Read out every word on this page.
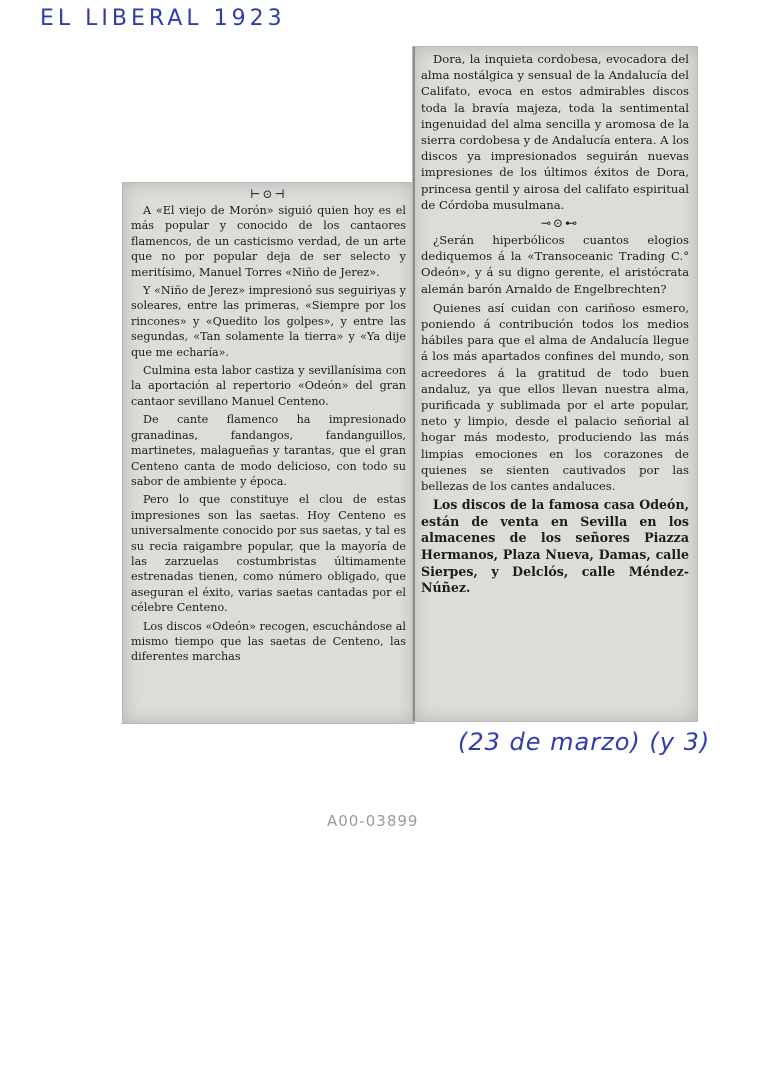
EL LIBERAL 1923
⊢⊙⊣

A «El viejo de Morón» siguió quien hoy es el más popular y conocido de los cantaores flamencos, de un casticismo verdad, de un arte que no por popular deja de ser selecto y meritísimo, Manuel Torres «Niño de Jerez».

Y «Niño de Jerez» impresionó sus seguiriyas y soleares, entre las primeras, «Siempre por los rincones» y «Quedito los golpes», y entre las segundas, «Tan solamente la tierra» y «Ya dije que me echaría».

Culmina esta labor castiza y sevillanísima con la aportación al repertorio «Odeón» del gran cantaor sevillano Manuel Centeno.

De cante flamenco ha impresionado granadinas, fandangos, fandanguillos, martinetes, malagueñas y tarantas, que el gran Centeno canta de modo delicioso, con todo su sabor de ambiente y época.

Pero lo que constituye el clou de estas impresiones son las saetas. Hoy Centeno es universalmente conocido por sus saetas, y tal es su recia raigambre popular, que la mayoría de las zarzuelas costumbristas últimamente estrenadas tienen, como número obligado, que aseguran el éxito, varias saetas cantadas por el célebre Centeno.

Los discos «Odeón» recogen, escuchándose al mismo tiempo que las saetas de Centeno, las diferentes marchas

Dora, la inquieta cordobesa, evocadora del alma nostálgica y sensual de la Andalucía del Califato, evoca en estos admirables discos toda la bravía majeza, toda la sentimental ingenuidad del alma sencilla y aromosa de la sierra cordobesa y de Andalucía entera. A los discos ya impresionados seguirán nuevas impresiones de los últimos éxitos de Dora, princesa gentil y airosa del califato espiritual de Córdoba musulmana.

⊸⊙⊷

¿Serán hiperbólicos cuantos elogios dediquemos á la «Transoceanic Trading C.° Odeón», y á su digno gerente, el aristócrata alemán barón Arnaldo de Engelbrechten?

Quienes así cuidan con cariñoso esmero, poniendo á contribución todos los medios hábiles para que el alma de Andalucía llegue á los más apartados confines del mundo, son acreedores á la gratitud de todo buen andaluz, ya que ellos llevan nuestra alma, purificada y sublimada por el arte popular, neto y limpio, desde el palacio señorial al hogar más modesto, produciendo las más limpias emociones en los corazones de quienes se sienten cautivados por las bellezas de los cantes andaluces.

Los discos de la famosa casa Odeón, están de venta en Sevilla en los almacenes de los señores Piazza Hermanos, Plaza Nueva, Damas, calle Sierpes, y Delclós, calle Méndez-Núñez.

(23 de marzo) (y 3)
A00-03899
